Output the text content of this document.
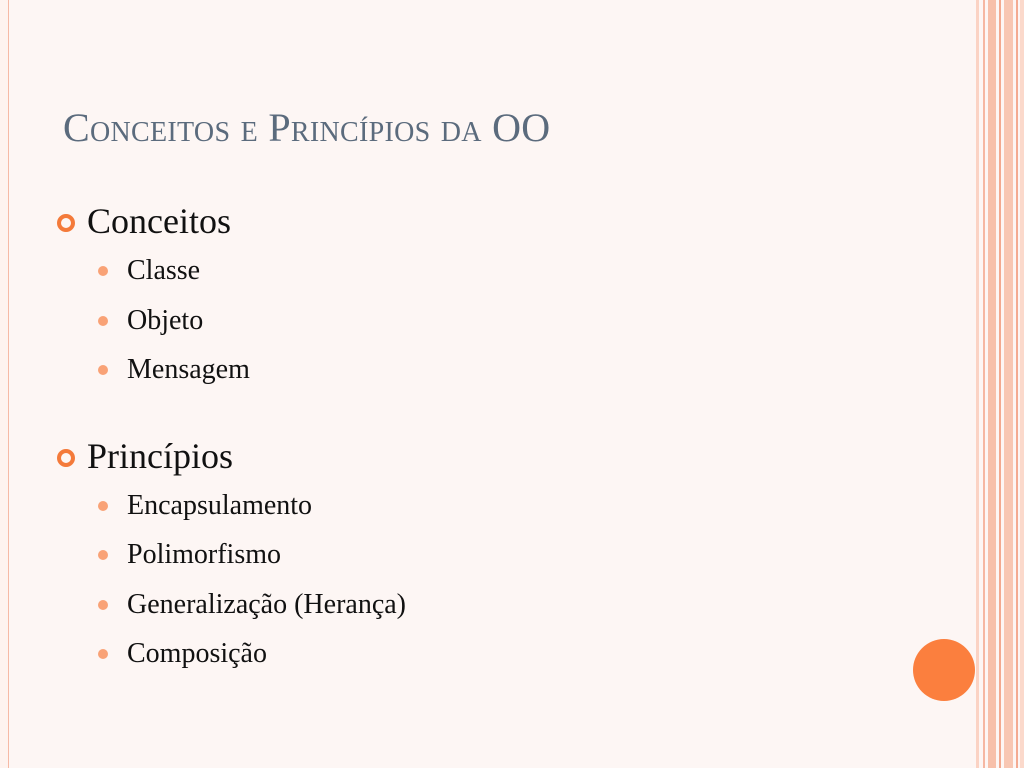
Conceitos e Princípios da OO
Conceitos
Classe
Objeto
Mensagem
Princípios
Encapsulamento
Polimorfismo
Generalização (Herança)
Composição
